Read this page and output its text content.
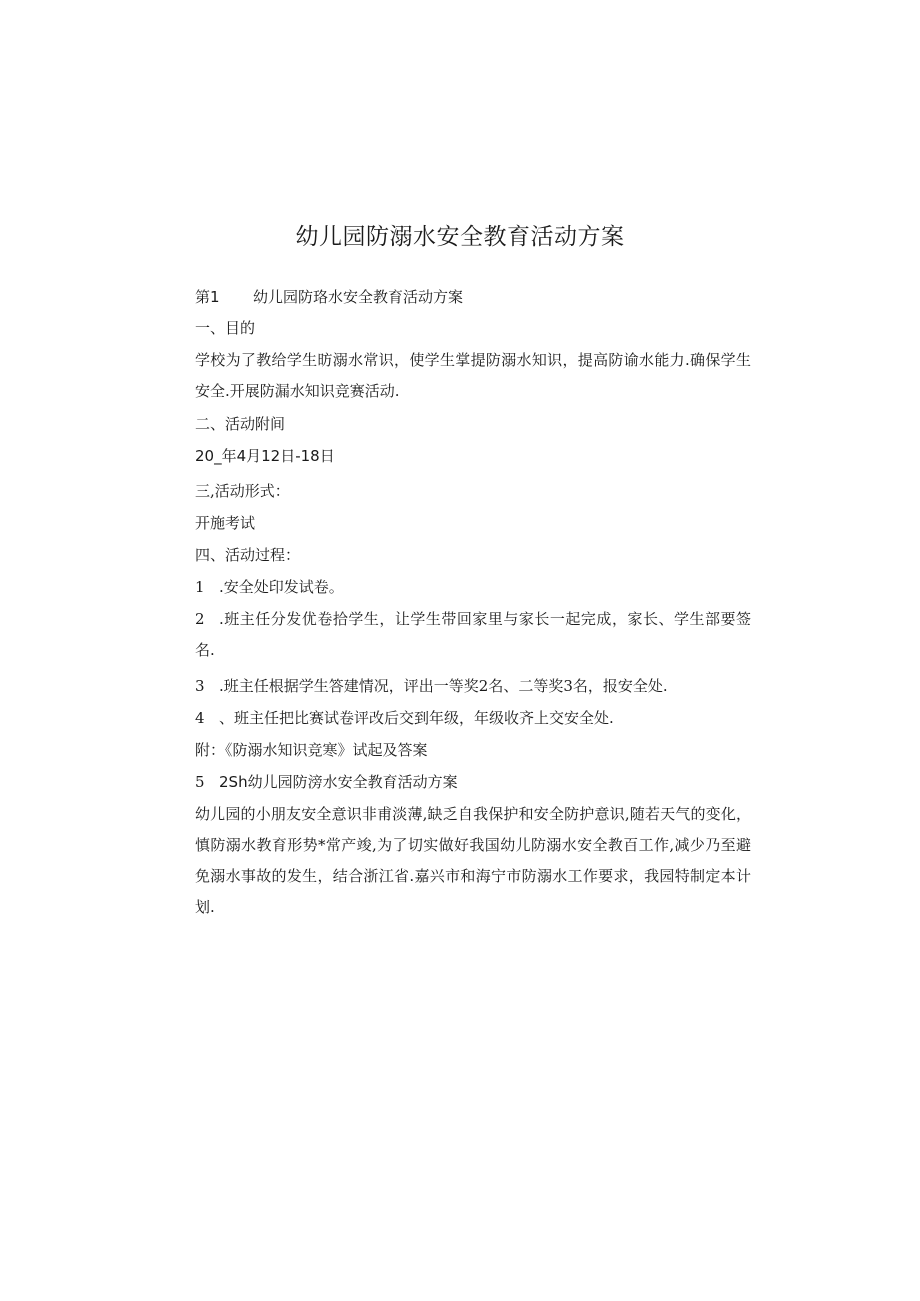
幼儿园防溺水安全教育活动方案
第1 幼儿园防珞水安全教育活动方案
一、目的
学校为了教给学生昉溺水常识，使学生掌提防溺水知识，提高防谕水能力.确保学生安全.开展防漏水知识竞赛活动.
二、活动附间
20_年4月12日-18日
三,活动形式：
开施考试
四、活动过程：
1 .安全处印发试卷。
2 .班主任分发优卷拾学生，让学生带回家里与家长一起完成，家长、学生部要签名.
3 .班主任根据学生答建情况，评出一等奖2名、二等奖3名，报安全处.
4 、班主任把比赛试卷评改后交到年级，年级收齐上交安全处.
附：《防溺水知识竞寒》试起及答案
5 2Sh幼儿园防滂水安全教育活动方案
幼儿园的小朋友安全意识非甫淡薄,缺乏自我保护和安全防护意识,随若天气的变化，慎防溺水教育形势*常产竣,为了切实做好我国幼儿防溺水安全教百工作,减少乃至避免溺水事故的发生，结合浙江省.嘉兴市和海宁市防溺水工作要求，我园特制定本计划.
